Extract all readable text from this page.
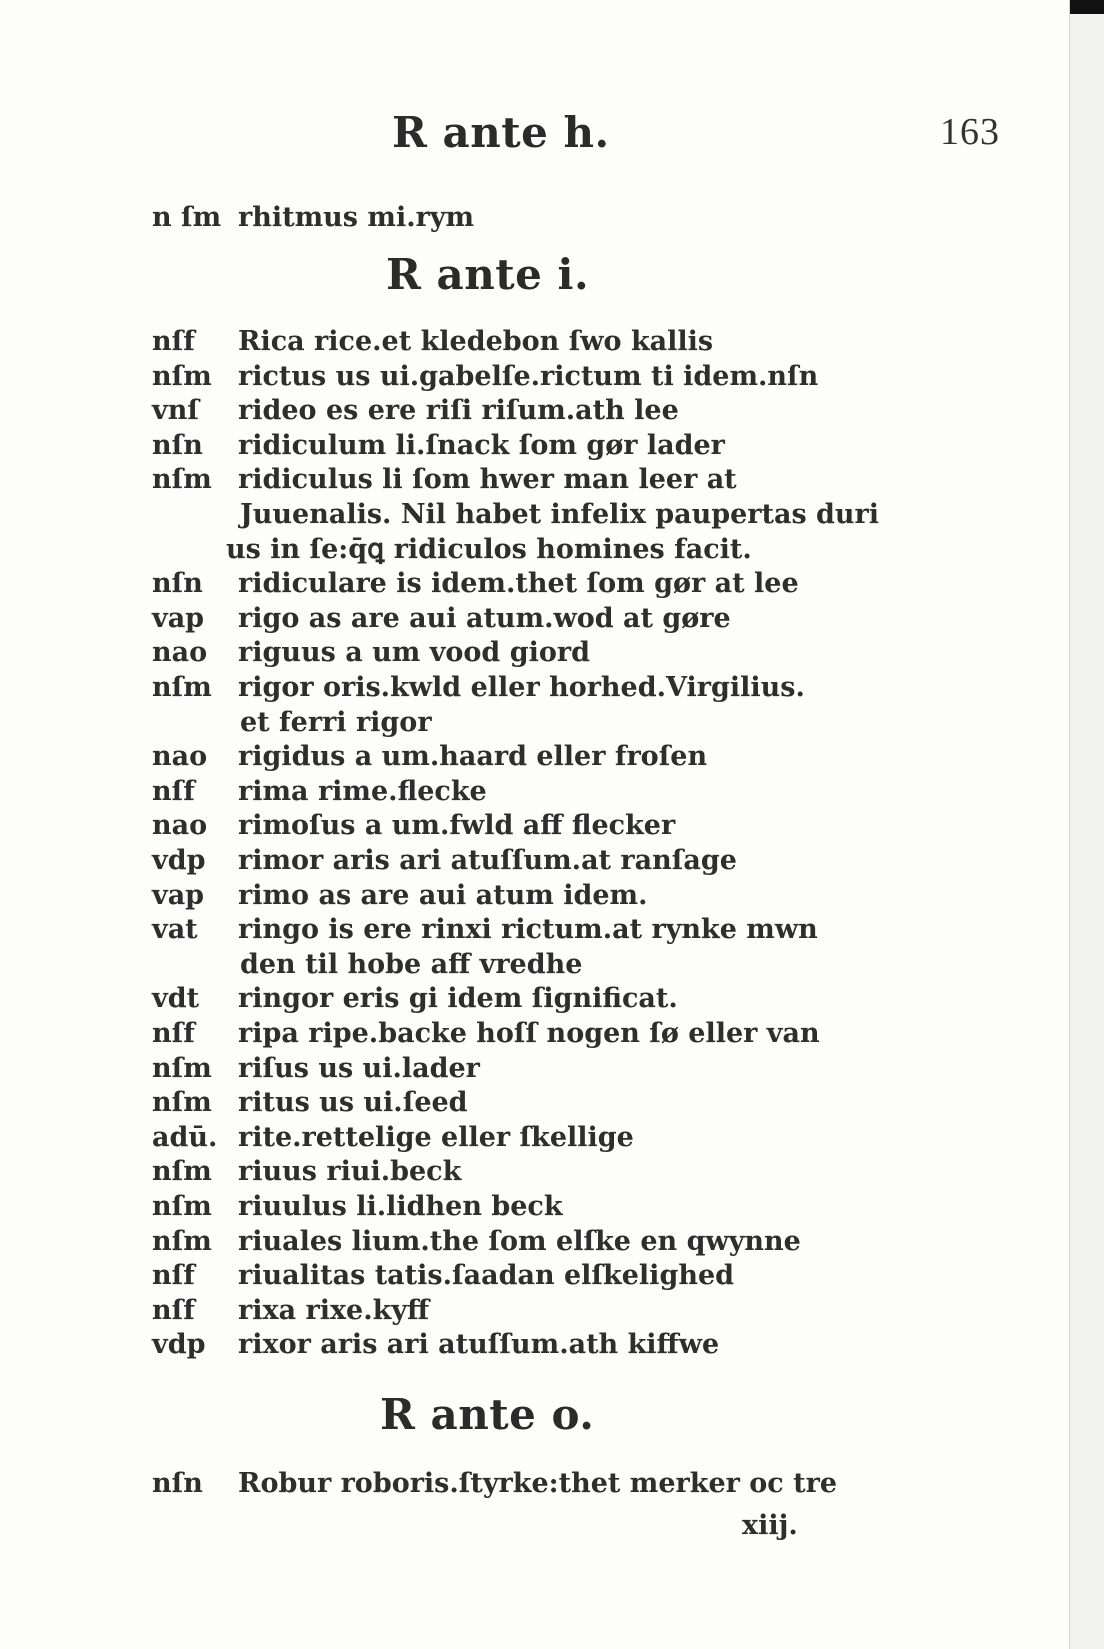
R ante h.	163
n ſm rhitmus mi.rym
R ante i.
nſf Rica rice.et kledebon ſwo kallis
nſm rictus us ui.gabelſe.rictum ti idem.nſn
vnſ rideo es ere riſi riſum.ath lee
nſn ridiculum li.ſnack ſom gør lader
nſm ridiculus li ſom hwer man leer at
Juuenalis. Nil habet infelix paupertas duri
us in ſe:q̄ꝗ ridiculos homines facit.
nſn ridiculare is idem.thet ſom gør at lee
vap rigo as are aui atum.wod at gøre
nao riguus a um vood giord
nſm rigor oris.kwld eller horhed.Virgilius.
et ferri rigor
nao rigidus a um.haard eller froſen
nſf rima rime.flecke
nao rimoſus a um.fwld aff flecker
vdp rimor aris ari atuſſum.at ranſage
vap rimo as are aui atum idem.
vat ringo is ere rinxi rictum.at rynke mwn
den til hobe aff vredhe
vdt ringor eris gi idem ſignificat.
nſf ripa ripe.backe hoſſ nogen ſø eller van
nſm riſus us ui.lader
nſm ritus us ui.ſeed
adū. rite.rettelige eller ſkellige
nſm riuus riui.beck
nſm riuulus li.lidhen beck
nſm riuales lium.the ſom elſke en qwynne
nſf riualitas tatis.ſaadan elſkelighed
nſf rixa rixe.kyff
vdp rixor aris ari atuſſum.ath kiffwe
R ante o.
nſn Robur roboris.ſtyrke:thet merker oc tre
xiij.
